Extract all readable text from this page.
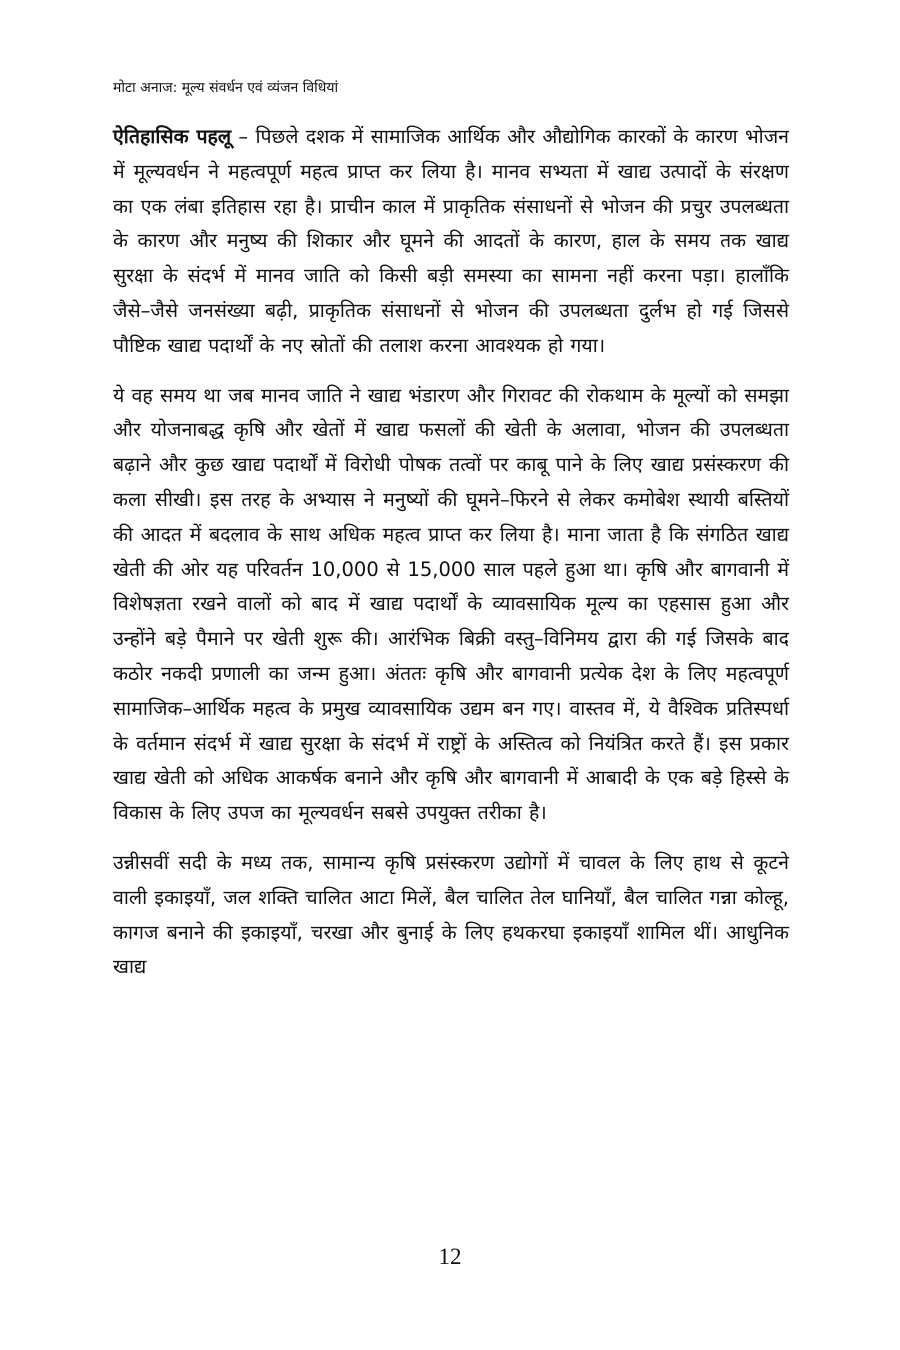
मोटा अनाज: मूल्य संवर्धन एवं व्यंजन विधियां

ऐतिहासिक पहलू – पिछले दशक में सामाजिक आर्थिक और औद्योगिक कारकों के कारण भोजन में मूल्यवर्धन ने महत्वपूर्ण महत्व प्राप्त कर लिया है। मानव सभ्यता में खाद्य उत्पादों के संरक्षण का एक लंबा इतिहास रहा है। प्राचीन काल में प्राकृतिक संसाधनों से भोजन की प्रचुर उपलब्धता के कारण और मनुष्य की शिकार और घूमने की आदतों के कारण, हाल के समय तक खाद्य सुरक्षा के संदर्भ में मानव जाति को किसी बड़ी समस्या का सामना नहीं करना पड़ा। हालाँकि जैसे–जैसे जनसंख्या बढ़ी, प्राकृतिक संसाधनों से भोजन की उपलब्धता दुर्लभ हो गई जिससे पौष्टिक खाद्य पदार्थों के नए स्रोतों की तलाश करना आवश्यक हो गया।

ये वह समय था जब मानव जाति ने खाद्य भंडारण और गिरावट की रोकथाम के मूल्यों को समझा और योजनाबद्ध कृषि और खेतों में खाद्य फसलों की खेती के अलावा, भोजन की उपलब्धता बढ़ाने और कुछ खाद्य पदार्थों में विरोधी पोषक तत्वों पर काबू पाने के लिए खाद्य प्रसंस्करण की कला सीखी। इस तरह के अभ्यास ने मनुष्यों की घूमने–फिरने से लेकर कमोबेश स्थायी बस्तियों की आदत में बदलाव के साथ अधिक महत्व प्राप्त कर लिया है। माना जाता है कि संगठित खाद्य खेती की ओर यह परिवर्तन 10,000 से 15,000 साल पहले हुआ था। कृषि और बागवानी में विशेषज्ञता रखने वालों को बाद में खाद्य पदार्थों के व्यावसायिक मूल्य का एहसास हुआ और उन्होंने बड़े पैमाने पर खेती शुरू की। आरंभिक बिक्री वस्तु–विनिमय द्वारा की गई जिसके बाद कठोर नकदी प्रणाली का जन्म हुआ। अंततः कृषि और बागवानी प्रत्येक देश के लिए महत्वपूर्ण सामाजिक–आर्थिक महत्व के प्रमुख व्यावसायिक उद्यम बन गए। वास्तव में, ये वैश्विक प्रतिस्पर्धा के वर्तमान संदर्भ में खाद्य सुरक्षा के संदर्भ में राष्ट्रों के अस्तित्व को नियंत्रित करते हैं। इस प्रकार खाद्य खेती को अधिक आकर्षक बनाने और कृषि और बागवानी में आबादी के एक बड़े हिस्से के विकास के लिए उपज का मूल्यवर्धन सबसे उपयुक्त तरीका है।

उन्नीसवीं सदी के मध्य तक, सामान्य कृषि प्रसंस्करण उद्योगों में चावल के लिए हाथ से कूटने वाली इकाइयाँ, जल शक्ति चालित आटा मिलें, बैल चालित तेल घानियाँ, बैल चालित गन्ना कोल्हू, कागज बनाने की इकाइयाँ, चरखा और बुनाई के लिए हथकरघा इकाइयाँ शामिल थीं। आधुनिक खाद्य

12
